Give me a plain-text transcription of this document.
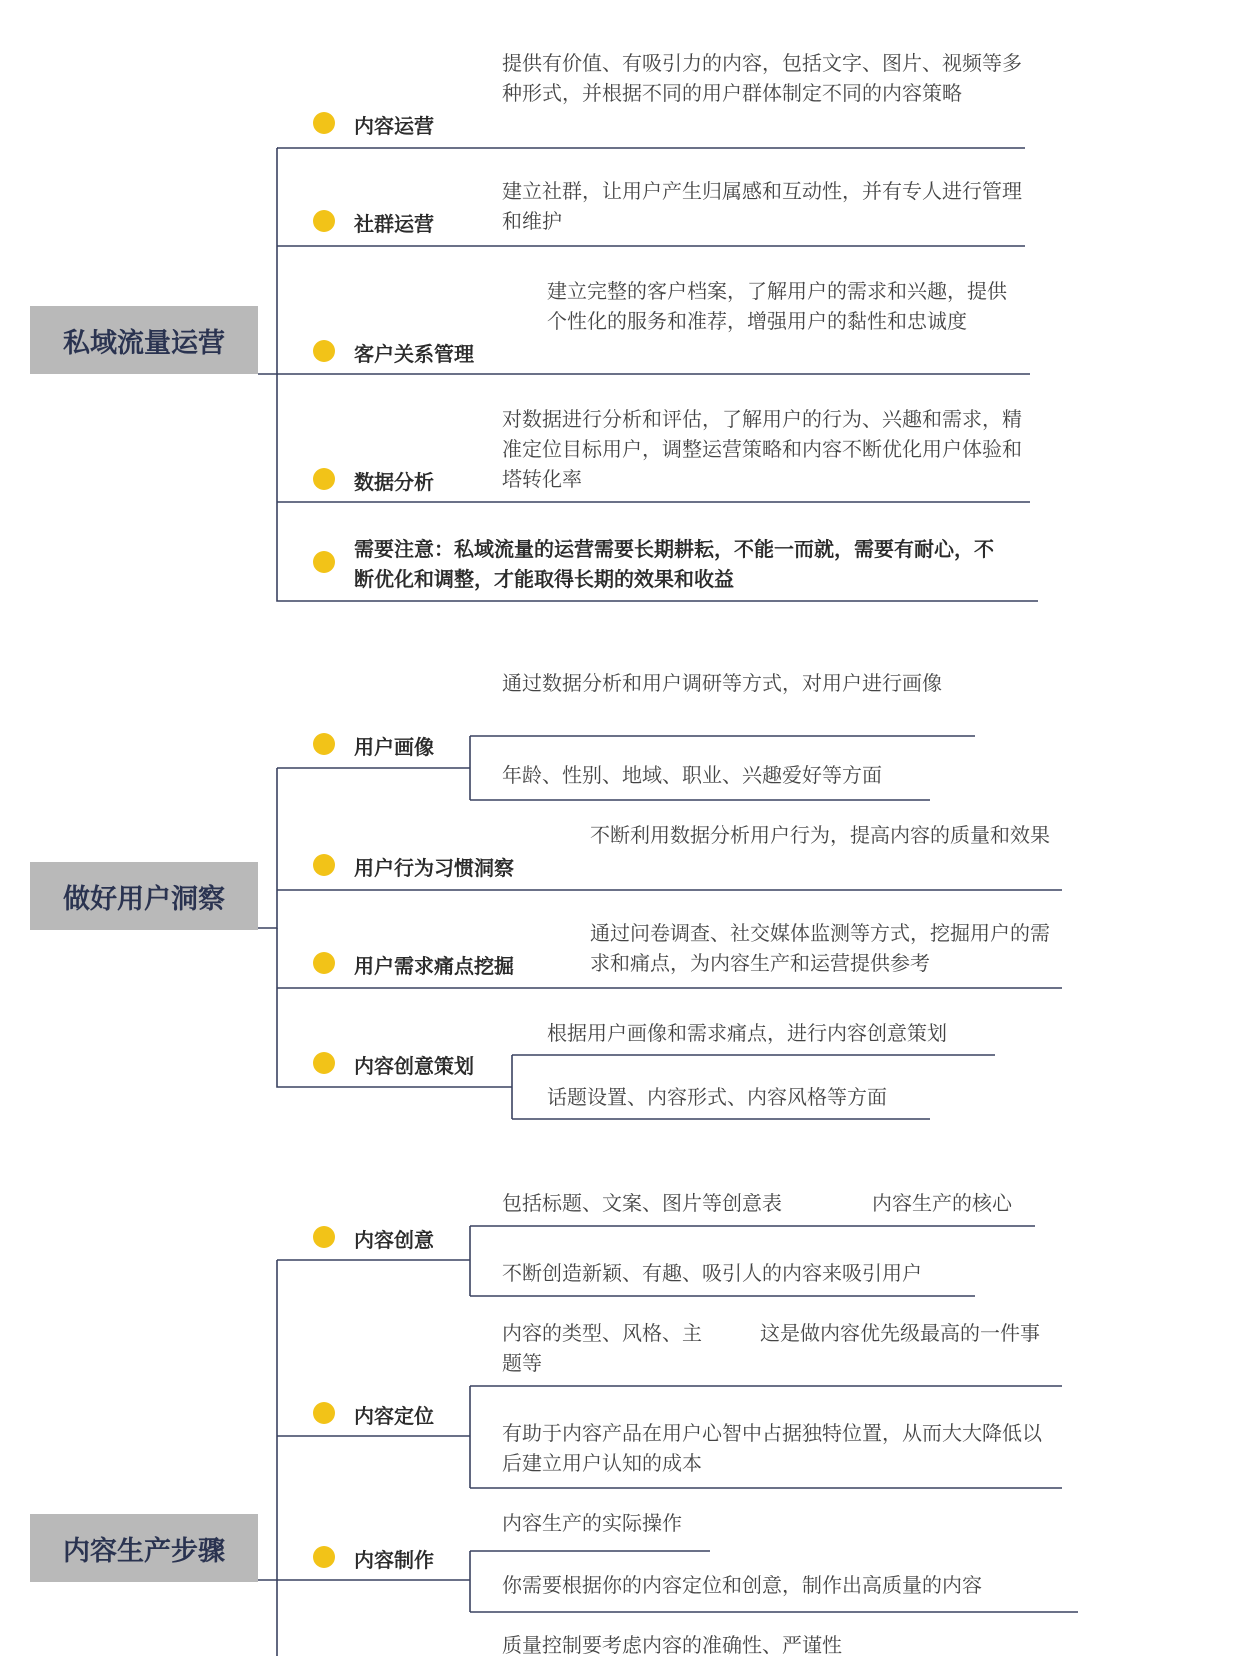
私域流量运营
内容运营
提供有价值、有吸引力的内容，包括文字、图片、视频等多种形式，并根据不同的用户群体制定不同的内容策略
社群运营
建立社群，让用户产生归属感和互动性，并有专人进行管理和维护
客户关系管理
建立完整的客户档案，了解用户的需求和兴趣，提供个性化的服务和准荐，增强用户的黏性和忠诚度
数据分析
对数据进行分析和评估，了解用户的行为、兴趣和需求，精准定位目标用户，调整运营策略和内容不断优化用户体验和塔转化率
需要注意：私域流量的运营需要长期耕耘，不能一而就，需要有耐心，不断优化和调整，才能取得长期的效果和收益
做好用户洞察
用户画像
通过数据分析和用户调研等方式，对用户进行画像
年龄、性别、地域、职业、兴趣爱好等方面
用户行为习惯洞察
不断利用数据分析用户行为，提高内容的质量和效果
用户需求痛点挖掘
通过问卷调查、社交媒体监测等方式，挖掘用户的需求和痛点，为内容生产和运营提供参考
内容创意策划
根据用户画像和需求痛点，进行内容创意策划
话题设置、内容形式、内容风格等方面
内容生产步骤
内容创意
包括标题、文案、图片等创意表	内容生产的核心
不断创造新颖、有趣、吸引人的内容来吸引用户
内容定位
内容的类型、风格、主题等
这是做内容优先级最高的一件事
有助于内容产品在用户心智中占据独特位置，从而大大降低以后建立用户认知的成本
内容制作
内容生产的实际操作
你需要根据你的内容定位和创意，制作出高质量的内容
质量控制要考虑内容的准确性、严谨性
